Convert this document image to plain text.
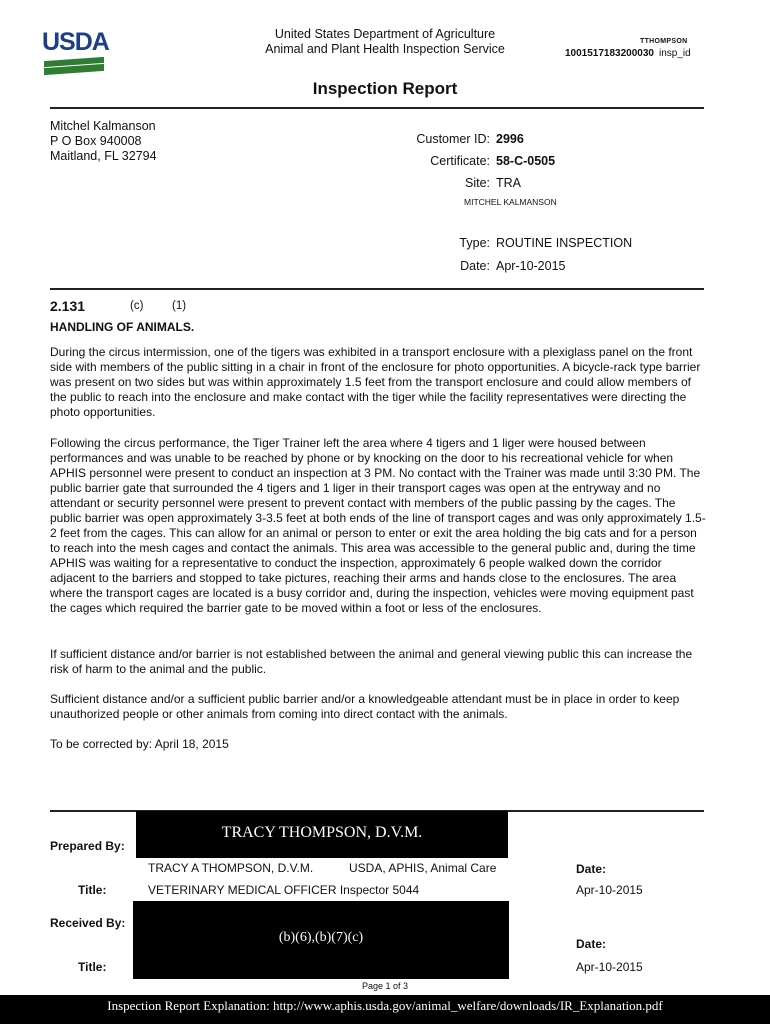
USDA	United States Department of Agriculture
Animal and Plant Health Inspection Service
TTHOMPSON
1001517183200030 insp_id
Inspection Report
Mitchel Kalmanson
P O Box 940008
Maitland, FL 32794
Customer ID: 2996
Certificate: 58-C-0505
Site: TRA
MITCHEL KALMANSON
Type: ROUTINE INSPECTION
Date: Apr-10-2015
2.131	(c) (1)
HANDLING OF ANIMALS.
During the circus intermission, one of the tigers was exhibited in a transport enclosure with a plexiglass panel on the front side with members of the public sitting in a chair in front of the enclosure for photo opportunities. A bicycle-rack type barrier was present on two sides but was within approximately 1.5 feet from the transport enclosure and could allow members of the public to reach into the enclosure and make contact with the tiger while the facility representatives were directing the photo opportunities.
Following the circus performance, the Tiger Trainer left the area where 4 tigers and 1 liger were housed between performances and was unable to be reached by phone or by knocking on the door to his recreational vehicle for when APHIS personnel were present to conduct an inspection at 3 PM. No contact with the Trainer was made until 3:30 PM. The public barrier gate that surrounded the 4 tigers and 1 liger in their transport cages was open at the entryway and no attendant or security personnel were present to prevent contact with members of the public passing by the cages. The public barrier was open approximately 3-3.5 feet at both ends of the line of transport cages and was only approximately 1.5-2 feet from the cages. This can allow for an animal or person to enter or exit the area holding the big cats and for a person to reach into the mesh cages and contact the animals. This area was accessible to the general public and, during the time APHIS was waiting for a representative to conduct the inspection, approximately 6 people walked down the corridor adjacent to the barriers and stopped to take pictures, reaching their arms and hands close to the enclosures. The area where the transport cages are located is a busy corridor and, during the inspection, vehicles were moving equipment past the cages which required the barrier gate to be moved within a foot or less of the enclosures.
If sufficient distance and/or barrier is not established between the animal and general viewing public this can increase the risk of harm to the animal and the public.
Sufficient distance and/or a sufficient public barrier and/or a knowledgeable attendant must be in place in order to keep unauthorized people or other animals from coming into direct contact with the animals.
To be corrected by: April 18, 2015
Prepared By:
TRACY THOMPSON, D.V.M.
TRACY A THOMPSON, D.V.M.	USDA, APHIS, Animal Care	Date:
Title:	VETERINARY MEDICAL OFFICER Inspector 5044	Apr-10-2015
Received By:
(b)(6),(b)(7)(c)	Date:
Title:	Apr-10-2015
Page 1 of 3
Inspection Report Explanation: http://www.aphis.usda.gov/animal_welfare/downloads/IR_Explanation.pdf
